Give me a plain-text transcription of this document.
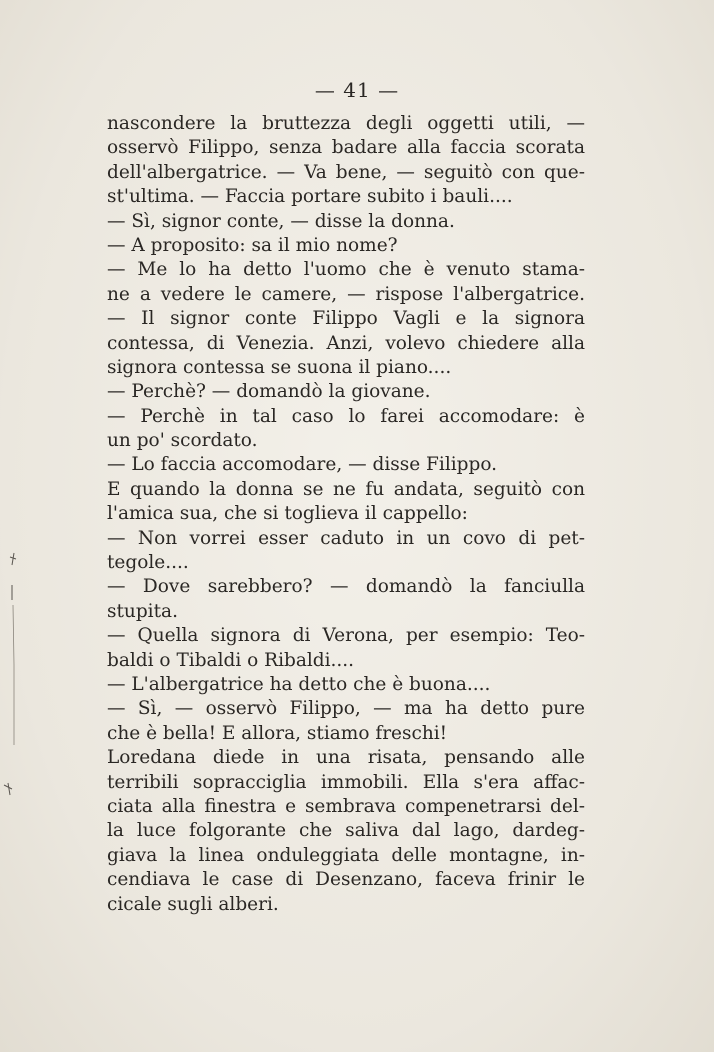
— 41 —
nascondere la bruttezza degli oggetti utili, —
osservò Filippo, senza badare alla faccia scorata
dell'albergatrice. — Va bene, — seguitò con que-
st'ultima. — Faccia portare subito i bauli....
— Sì, signor conte, — disse la donna.
— A proposito: sa il mio nome?
— Me lo ha detto l'uomo che è venuto stama-
ne a vedere le camere, — rispose l'albergatrice.
— Il signor conte Filippo Vagli e la signora
contessa, di Venezia. Anzi, volevo chiedere alla
signora contessa se suona il piano....
— Perchè? — domandò la giovane.
— Perchè in tal caso lo farei accomodare: è
un po' scordato.
— Lo faccia accomodare, — disse Filippo.
E quando la donna se ne fu andata, seguitò con
l'amica sua, che si toglieva il cappello:
— Non vorrei esser caduto in un covo di pet-
tegole....
— Dove sarebbero? — domandò la fanciulla
stupita.
— Quella signora di Verona, per esempio: Teo-
baldi o Tibaldi o Ribaldi....
— L'albergatrice ha detto che è buona....
— Sì, — osservò Filippo, — ma ha detto pure
che è bella! E allora, stiamo freschi!
Loredana diede in una risata, pensando alle
terribili sopracciglia immobili. Ella s'era affac-
ciata alla finestra e sembrava compenetrarsi del-
la luce folgorante che saliva dal lago, dardeg-
giava la linea onduleggiata delle montagne, in-
cendiava le case di Desenzano, faceva frinir le
cicale sugli alberi.
